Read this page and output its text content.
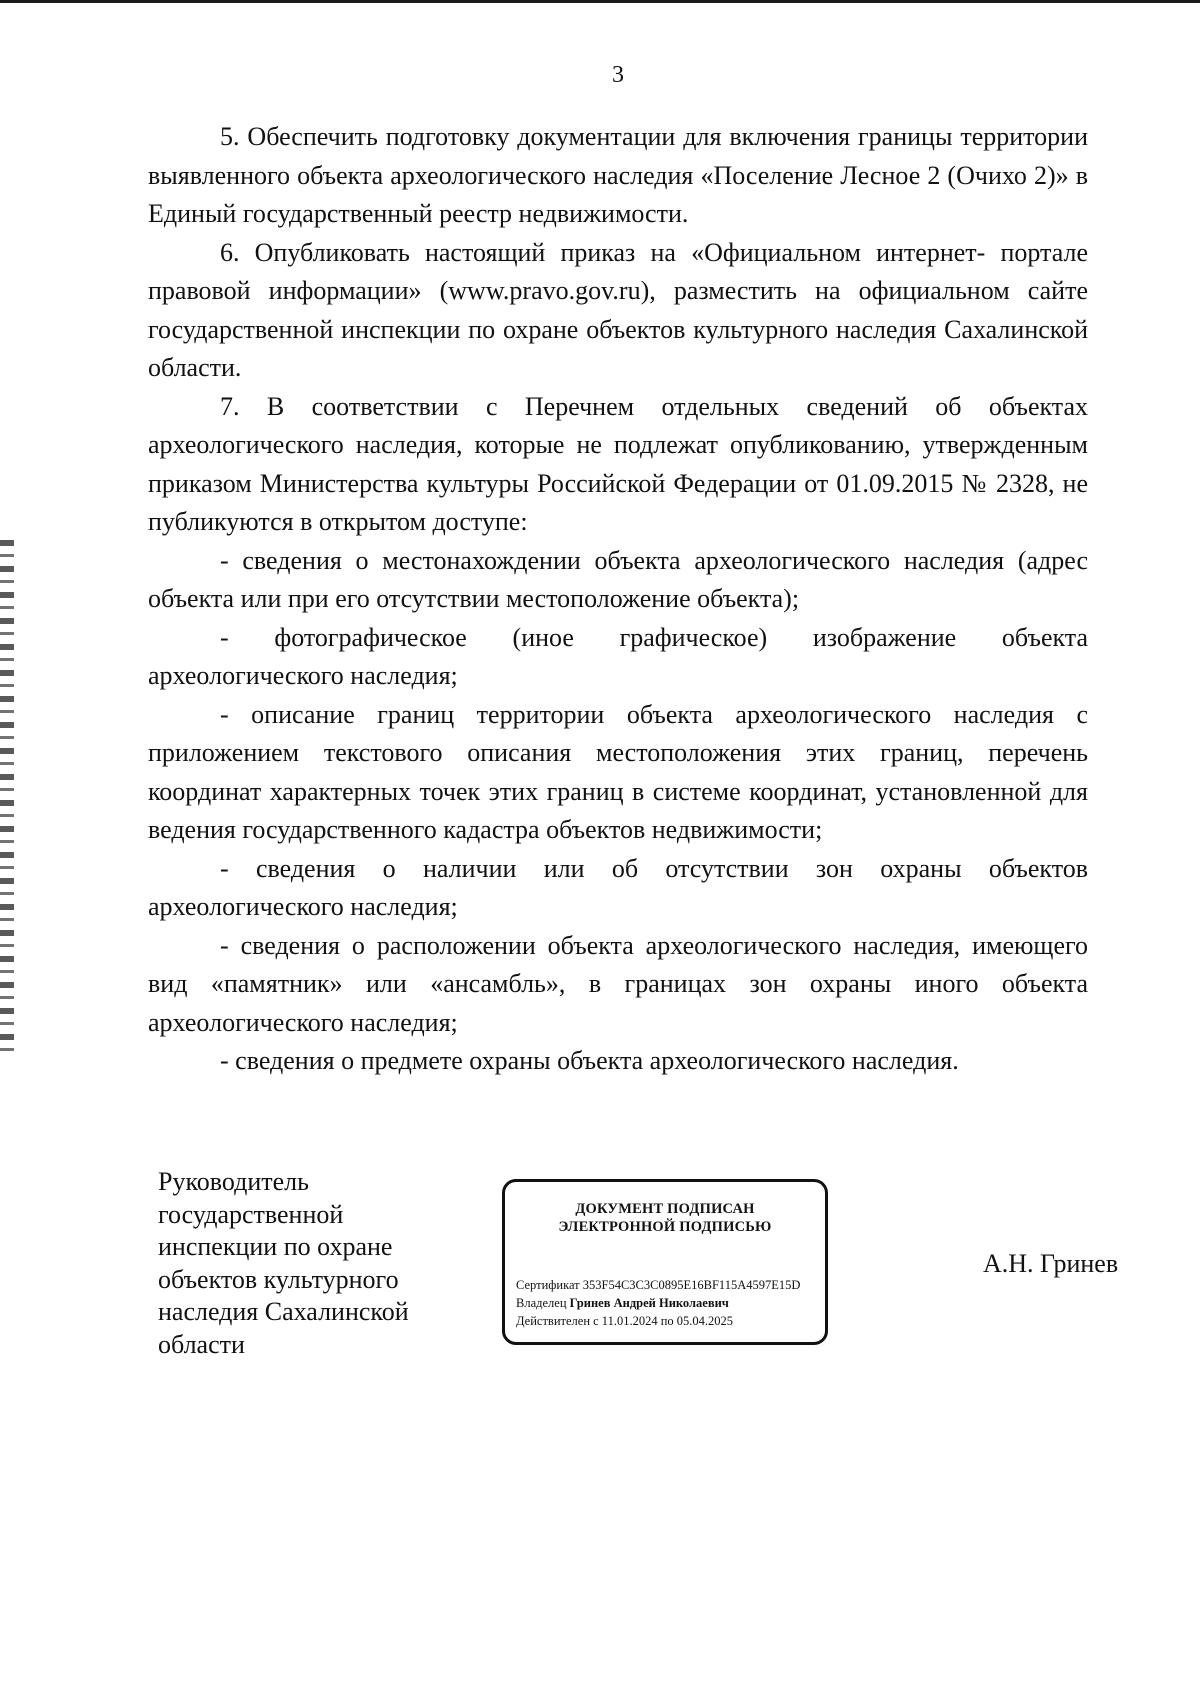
3

5. Обеспечить подготовку документации для включения границы территории выявленного объекта археологического наследия «Поселение Лесное 2 (Очихо 2)» в Единый государственный реестр недвижимости.

6. Опубликовать настоящий приказ на «Официальном интернет- портале правовой информации» (www.pravo.gov.ru), разместить на официальном сайте государственной инспекции по охране объектов культурного наследия Сахалинской области.

7. В соответствии с Перечнем отдельных сведений об объектах археологического наследия, которые не подлежат опубликованию, утвержденным приказом Министерства культуры Российской Федерации от 01.09.2015 № 2328, не публикуются в открытом доступе:

- сведения о местонахождении объекта археологического наследия (адрес объекта или при его отсутствии местоположение объекта);

- фотографическое (иное графическое) изображение объекта археологического наследия;

- описание границ территории объекта археологического наследия с приложением текстового описания местоположения этих границ, перечень координат характерных точек этих границ в системе координат, установленной для ведения государственного кадастра объектов недвижимости;

- сведения о наличии или об отсутствии зон охраны объектов археологического наследия;

- сведения о расположении объекта археологического наследия, имеющего вид «памятник» или «ансамбль», в границах зон охраны иного объекта археологического наследия;

- сведения о предмете охраны объекта археологического наследия.

Руководитель
государственной
инспекции по охране
объектов культурного
наследия Сахалинской
области
ДОКУМЕНТ ПОДПИСАН
ЭЛЕКТРОННОЙ ПОДПИСЬЮ
Сертификат 353F54C3C3C0895E16BF115A4597E15D
Владелец Гринев Андрей Николаевич
Действителен с 11.01.2024 по 05.04.2025
А.Н. Гринев
